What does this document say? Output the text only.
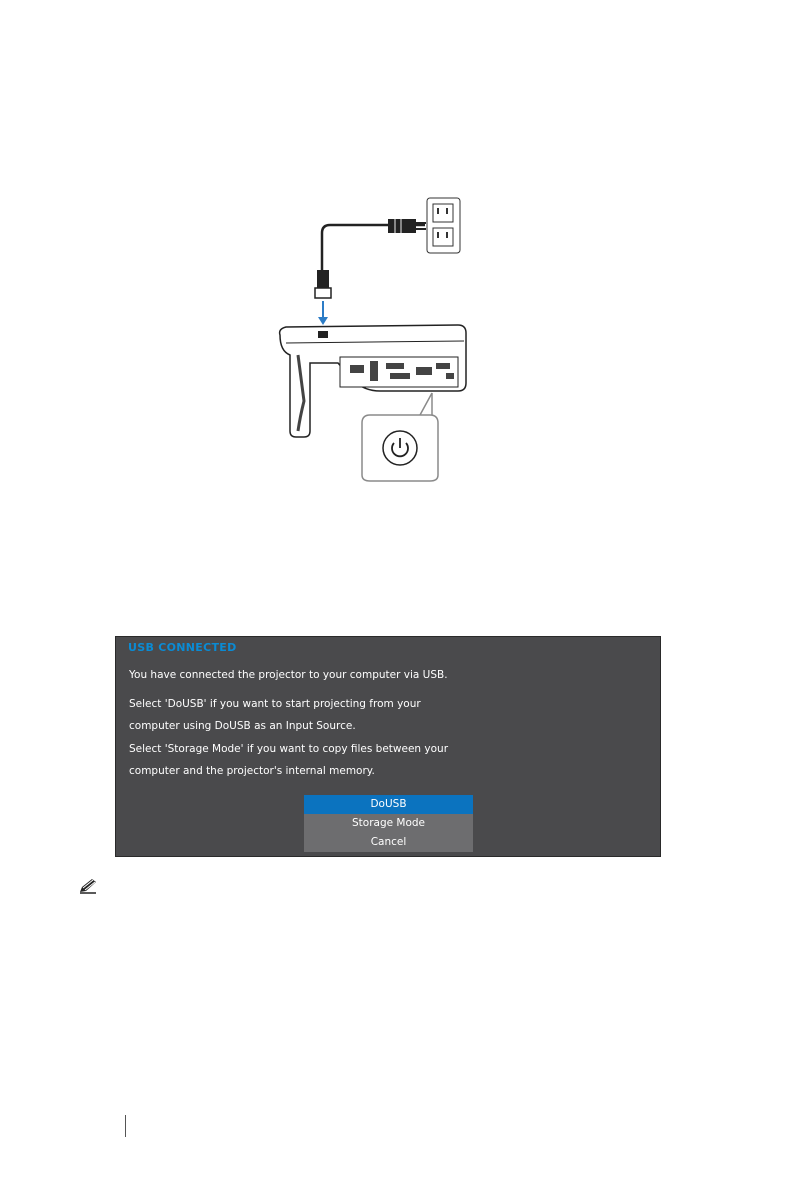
USB CONNECTED
You have connected the projector to your computer via USB.
Select 'DoUSB' if you want to start projecting from your
computer using DoUSB as an Input Source.
Select 'Storage Mode' if you want to copy files between your
computer and the projector's internal memory.
DoUSB
Storage Mode
Cancel
